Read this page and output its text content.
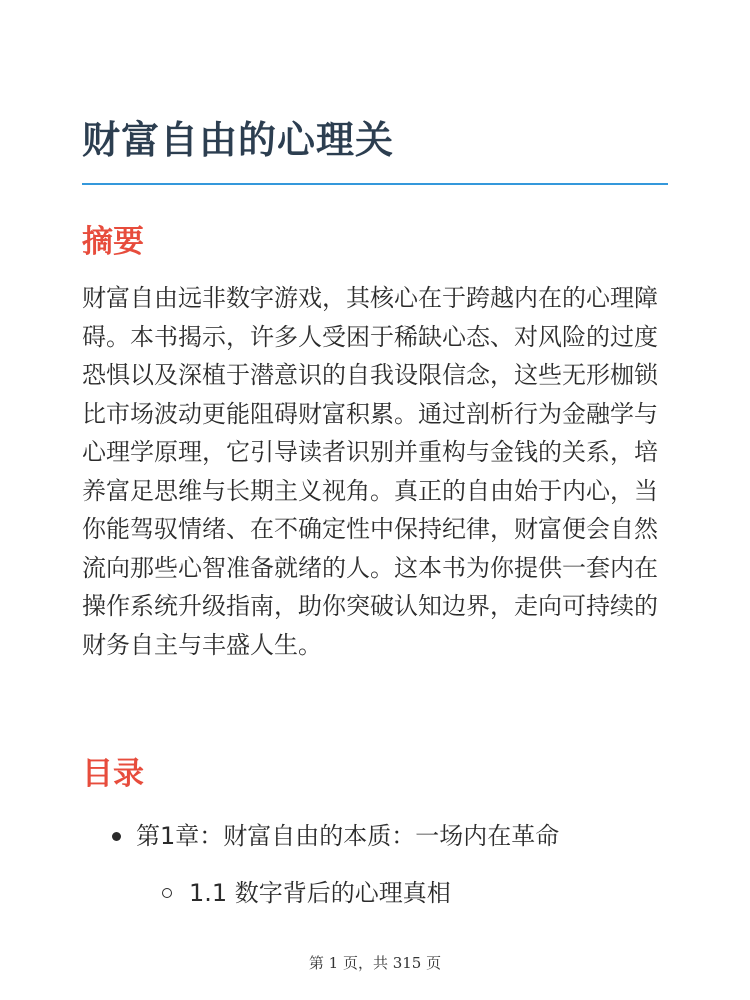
财富自由的心理关
摘要

财富自由远非数字游戏，其核心在于跨越内在的心理障碍。本书揭示，许多人受困于稀缺心态、对风险的过度恐惧以及深植于潜意识的自我设限信念，这些无形枷锁比市场波动更能阻碍财富积累。通过剖析行为金融学与心理学原理，它引导读者识别并重构与金钱的关系，培养富足思维与长期主义视角。真正的自由始于内心，当你能驾驭情绪、在不确定性中保持纪律，财富便会自然流向那些心智准备就绪的人。这本书为你提供一套内在操作系统升级指南，助你突破认知边界，走向可持续的财务自主与丰盛人生。

目录
第1章：财富自由的本质：一场内在革命
1.1 数字背后的心理真相
第 1 页，共 315 页
